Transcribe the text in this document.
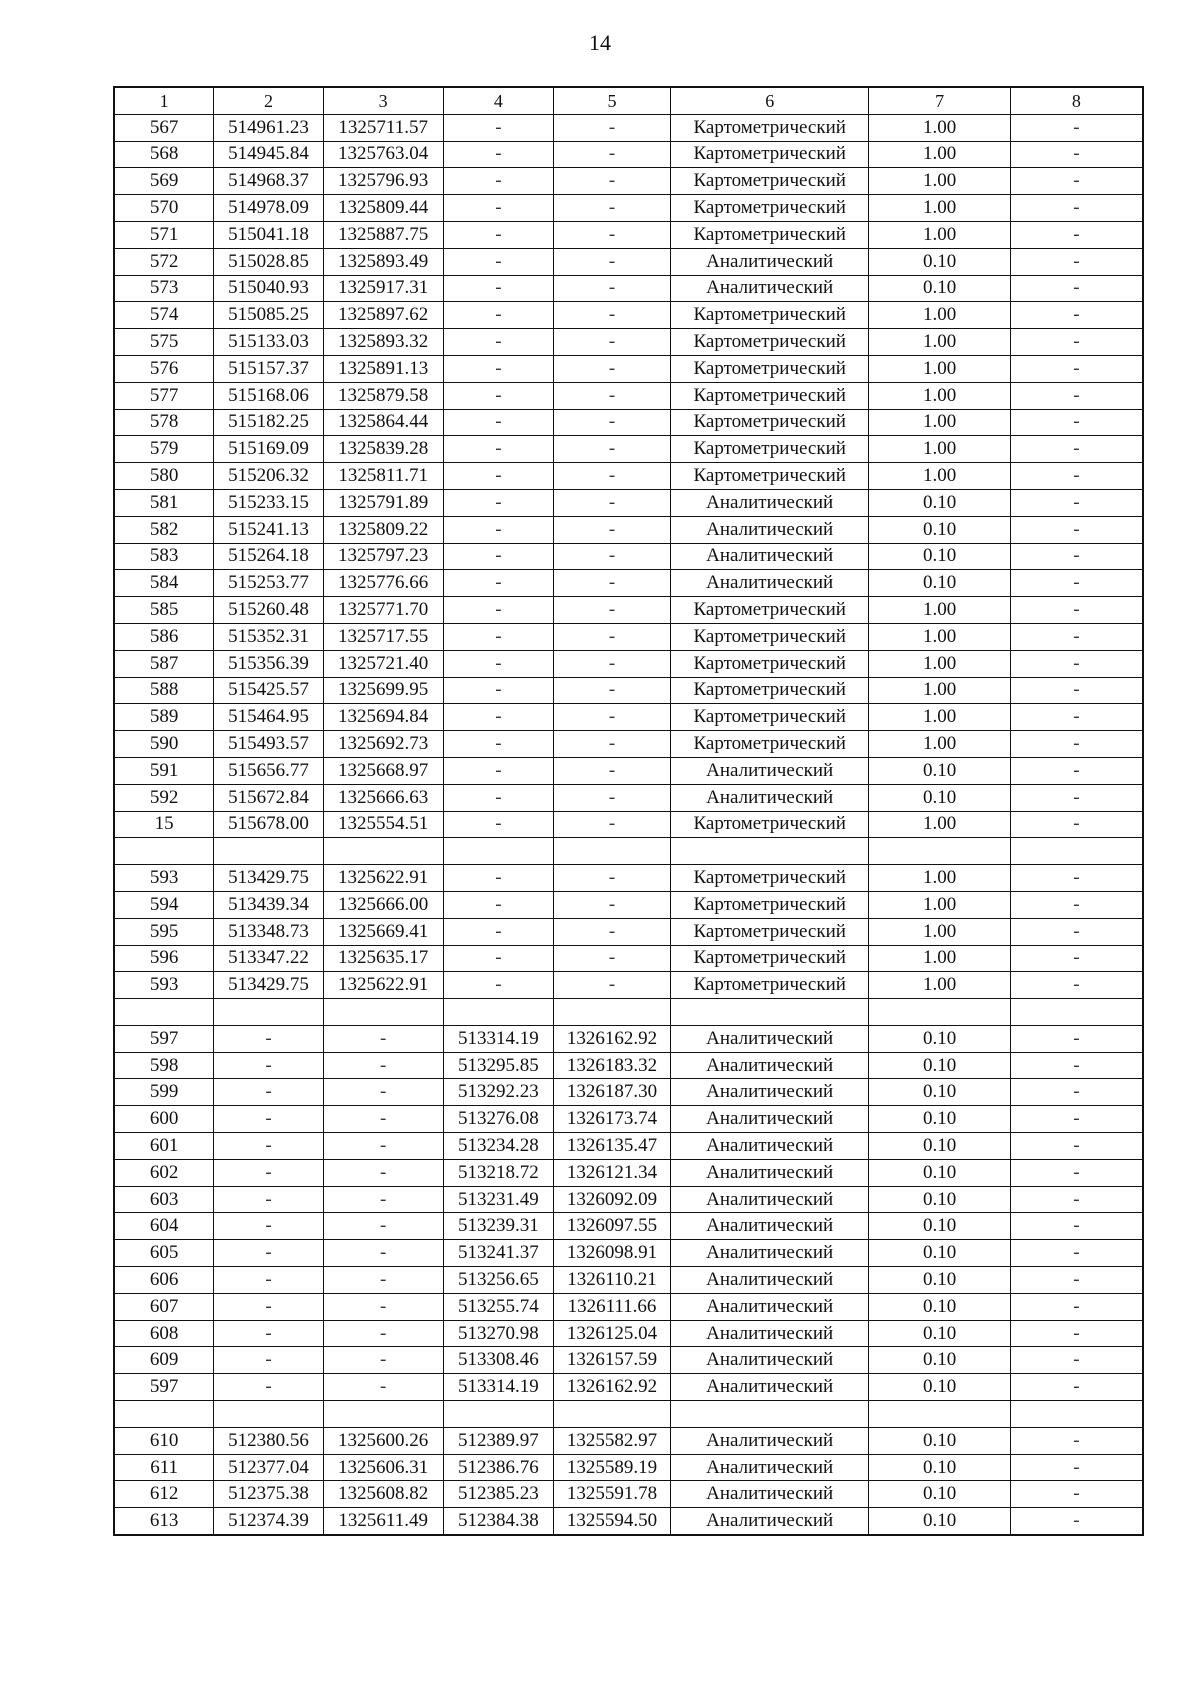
14
1	2	3	4	5	6	7	8
567	514961.23	1325711.57	-	-	Картометрический	1.00	-
568	514945.84	1325763.04	-	-	Картометрический	1.00	-
569	514968.37	1325796.93	-	-	Картометрический	1.00	-
570	514978.09	1325809.44	-	-	Картометрический	1.00	-
571	515041.18	1325887.75	-	-	Картометрический	1.00	-
572	515028.85	1325893.49	-	-	Аналитический	0.10	-
573	515040.93	1325917.31	-	-	Аналитический	0.10	-
574	515085.25	1325897.62	-	-	Картометрический	1.00	-
575	515133.03	1325893.32	-	-	Картометрический	1.00	-
576	515157.37	1325891.13	-	-	Картометрический	1.00	-
577	515168.06	1325879.58	-	-	Картометрический	1.00	-
578	515182.25	1325864.44	-	-	Картометрический	1.00	-
579	515169.09	1325839.28	-	-	Картометрический	1.00	-
580	515206.32	1325811.71	-	-	Картометрический	1.00	-
581	515233.15	1325791.89	-	-	Аналитический	0.10	-
582	515241.13	1325809.22	-	-	Аналитический	0.10	-
583	515264.18	1325797.23	-	-	Аналитический	0.10	-
584	515253.77	1325776.66	-	-	Аналитический	0.10	-
585	515260.48	1325771.70	-	-	Картометрический	1.00	-
586	515352.31	1325717.55	-	-	Картометрический	1.00	-
587	515356.39	1325721.40	-	-	Картометрический	1.00	-
588	515425.57	1325699.95	-	-	Картометрический	1.00	-
589	515464.95	1325694.84	-	-	Картометрический	1.00	-
590	515493.57	1325692.73	-	-	Картометрический	1.00	-
591	515656.77	1325668.97	-	-	Аналитический	0.10	-
592	515672.84	1325666.63	-	-	Аналитический	0.10	-
15	515678.00	1325554.51	-	-	Картометрический	1.00	-

593	513429.75	1325622.91	-	-	Картометрический	1.00	-
594	513439.34	1325666.00	-	-	Картометрический	1.00	-
595	513348.73	1325669.41	-	-	Картометрический	1.00	-
596	513347.22	1325635.17	-	-	Картометрический	1.00	-
593	513429.75	1325622.91	-	-	Картометрический	1.00	-

597	-	-	513314.19	1326162.92	Аналитический	0.10	-
598	-	-	513295.85	1326183.32	Аналитический	0.10	-
599	-	-	513292.23	1326187.30	Аналитический	0.10	-
600	-	-	513276.08	1326173.74	Аналитический	0.10	-
601	-	-	513234.28	1326135.47	Аналитический	0.10	-
602	-	-	513218.72	1326121.34	Аналитический	0.10	-
603	-	-	513231.49	1326092.09	Аналитический	0.10	-
604	-	-	513239.31	1326097.55	Аналитический	0.10	-
605	-	-	513241.37	1326098.91	Аналитический	0.10	-
606	-	-	513256.65	1326110.21	Аналитический	0.10	-
607	-	-	513255.74	1326111.66	Аналитический	0.10	-
608	-	-	513270.98	1326125.04	Аналитический	0.10	-
609	-	-	513308.46	1326157.59	Аналитический	0.10	-
597	-	-	513314.19	1326162.92	Аналитический	0.10	-

610	512380.56	1325600.26	512389.97	1325582.97	Аналитический	0.10	-
611	512377.04	1325606.31	512386.76	1325589.19	Аналитический	0.10	-
612	512375.38	1325608.82	512385.23	1325591.78	Аналитический	0.10	-
613	512374.39	1325611.49	512384.38	1325594.50	Аналитический	0.10	-
